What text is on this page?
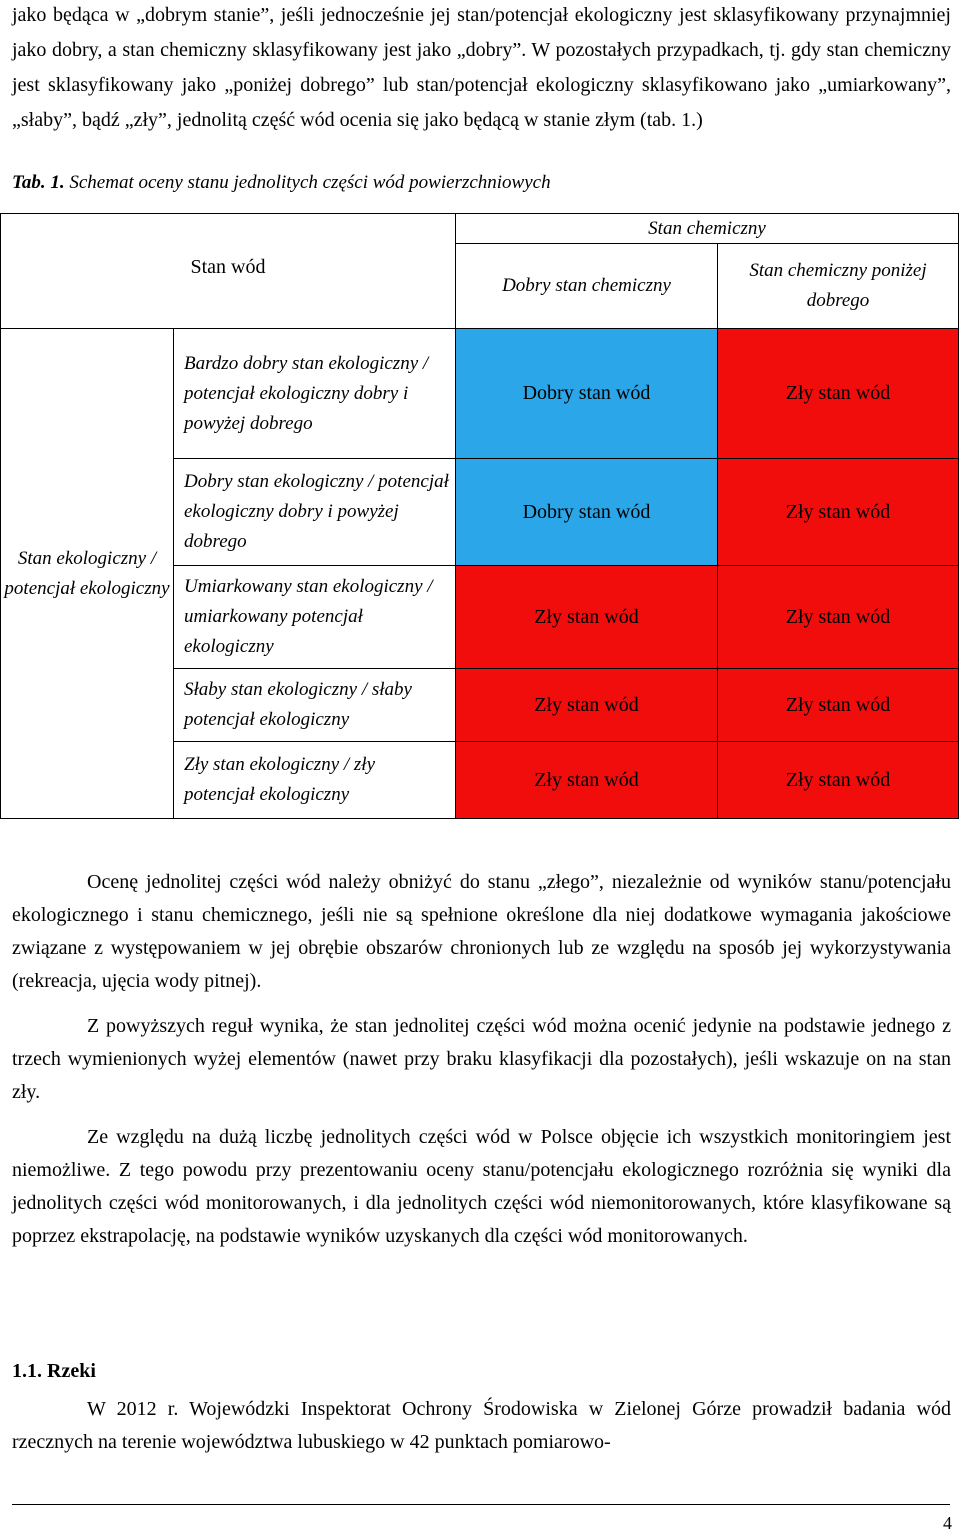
jako będąca w „dobrym stanie”, jeśli jednocześnie jej stan/potencjał ekologiczny jest sklasyfikowany przynajmniej jako dobry, a stan chemiczny sklasyfikowany jest jako „dobry”. W pozostałych przypadkach, tj. gdy stan chemiczny jest sklasyfikowany jako „poniżej dobrego” lub stan/potencjał ekologiczny sklasyfikowano jako „umiarkowany”, „słaby”, bądź „zły”, jednolitą część wód ocenia się jako będącą w stanie złym (tab. 1.)

Tab. 1. Schemat oceny stanu jednolitych części wód powierzchniowych

Stan wód		Stan chemiczny	
		Dobry stan chemiczny	Stan chemiczny poniżej dobrego
Stan ekologiczny / potencjał ekologiczny	Bardzo dobry stan ekologiczny / potencjał ekologiczny dobry i powyżej dobrego	Dobry stan wód	Zły stan wód
	Dobry stan ekologiczny / potencjał ekologiczny dobry i powyżej dobrego	Dobry stan wód	Zły stan wód
	Umiarkowany stan ekologiczny / umiarkowany potencjał ekologiczny	Zły stan wód	Zły stan wód
	Słaby stan ekologiczny / słaby potencjał ekologiczny	Zły stan wód	Zły stan wód
	Zły stan ekologiczny / zły potencjał ekologiczny	Zły stan wód	Zły stan wód

Ocenę jednolitej części wód należy obniżyć do stanu „złego”, niezależnie od wyników stanu/potencjału ekologicznego i stanu chemicznego, jeśli nie są spełnione określone dla niej dodatkowe wymagania jakościowe związane z występowaniem w jej obrębie obszarów chronionych lub ze względu na sposób jej wykorzystywania (rekreacja, ujęcia wody pitnej).

Z powyższych reguł wynika, że stan jednolitej części wód można ocenić jedynie na podstawie jednego z trzech wymienionych wyżej elementów (nawet przy braku klasyfikacji dla pozostałych), jeśli wskazuje on na stan zły.

Ze względu na dużą liczbę jednolitych części wód w Polsce objęcie ich wszystkich monitoringiem jest niemożliwe. Z tego powodu przy prezentowaniu oceny stanu/potencjału ekologicznego rozróżnia się wyniki dla jednolitych części wód monitorowanych, i dla jednolitych części wód niemonitorowanych, które klasyfikowane są poprzez ekstrapolację, na podstawie wyników uzyskanych dla części wód monitorowanych.

1.1. Rzeki

W 2012 r. Wojewódzki Inspektorat Ochrony Środowiska w Zielonej Górze prowadził badania wód rzecznych na terenie województwa lubuskiego w 42 punktach pomiarowo-

4
